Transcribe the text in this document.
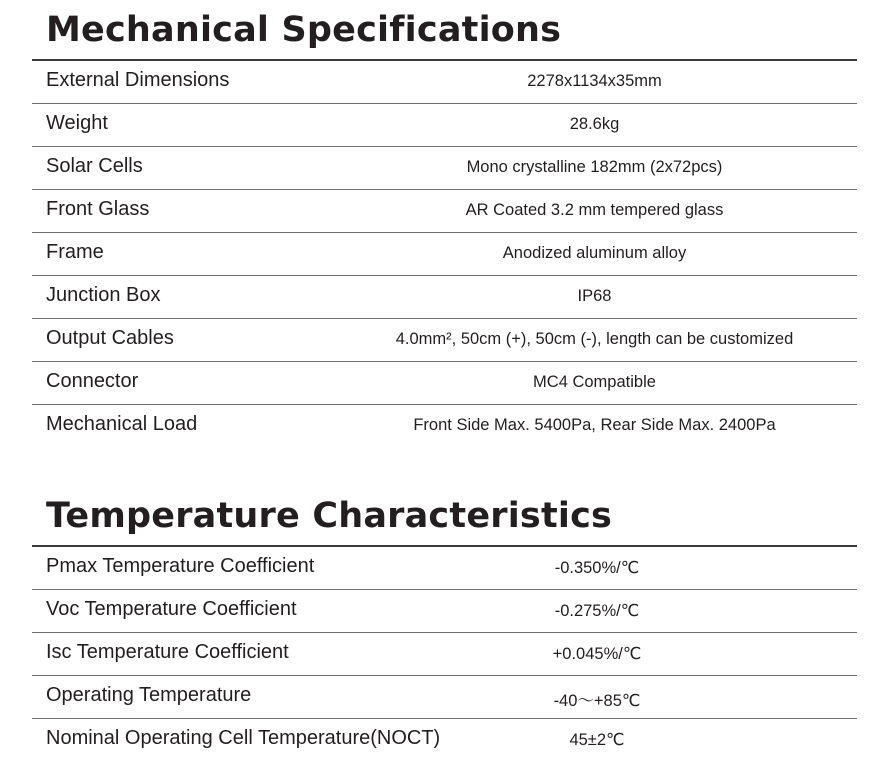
Mechanical Specifications
External Dimensions	2278x1134x35mm
Weight	28.6kg
Solar Cells	Mono crystalline 182mm (2x72pcs)
Front Glass	AR Coated 3.2 mm tempered glass
Frame	Anodized aluminum alloy
Junction Box	IP68
Output Cables	4.0mm², 50cm (+), 50cm (-), length can be customized
Connector	MC4 Compatible
Mechanical Load	Front Side Max. 5400Pa, Rear Side Max. 2400Pa
Temperature Characteristics
Pmax Temperature Coefficient	-0.350%/℃
Voc Temperature Coefficient	-0.275%/℃
Isc Temperature Coefficient	+0.045%/℃
Operating Temperature	-40～+85℃
Nominal Operating Cell Temperature(NOCT)	45±2℃
